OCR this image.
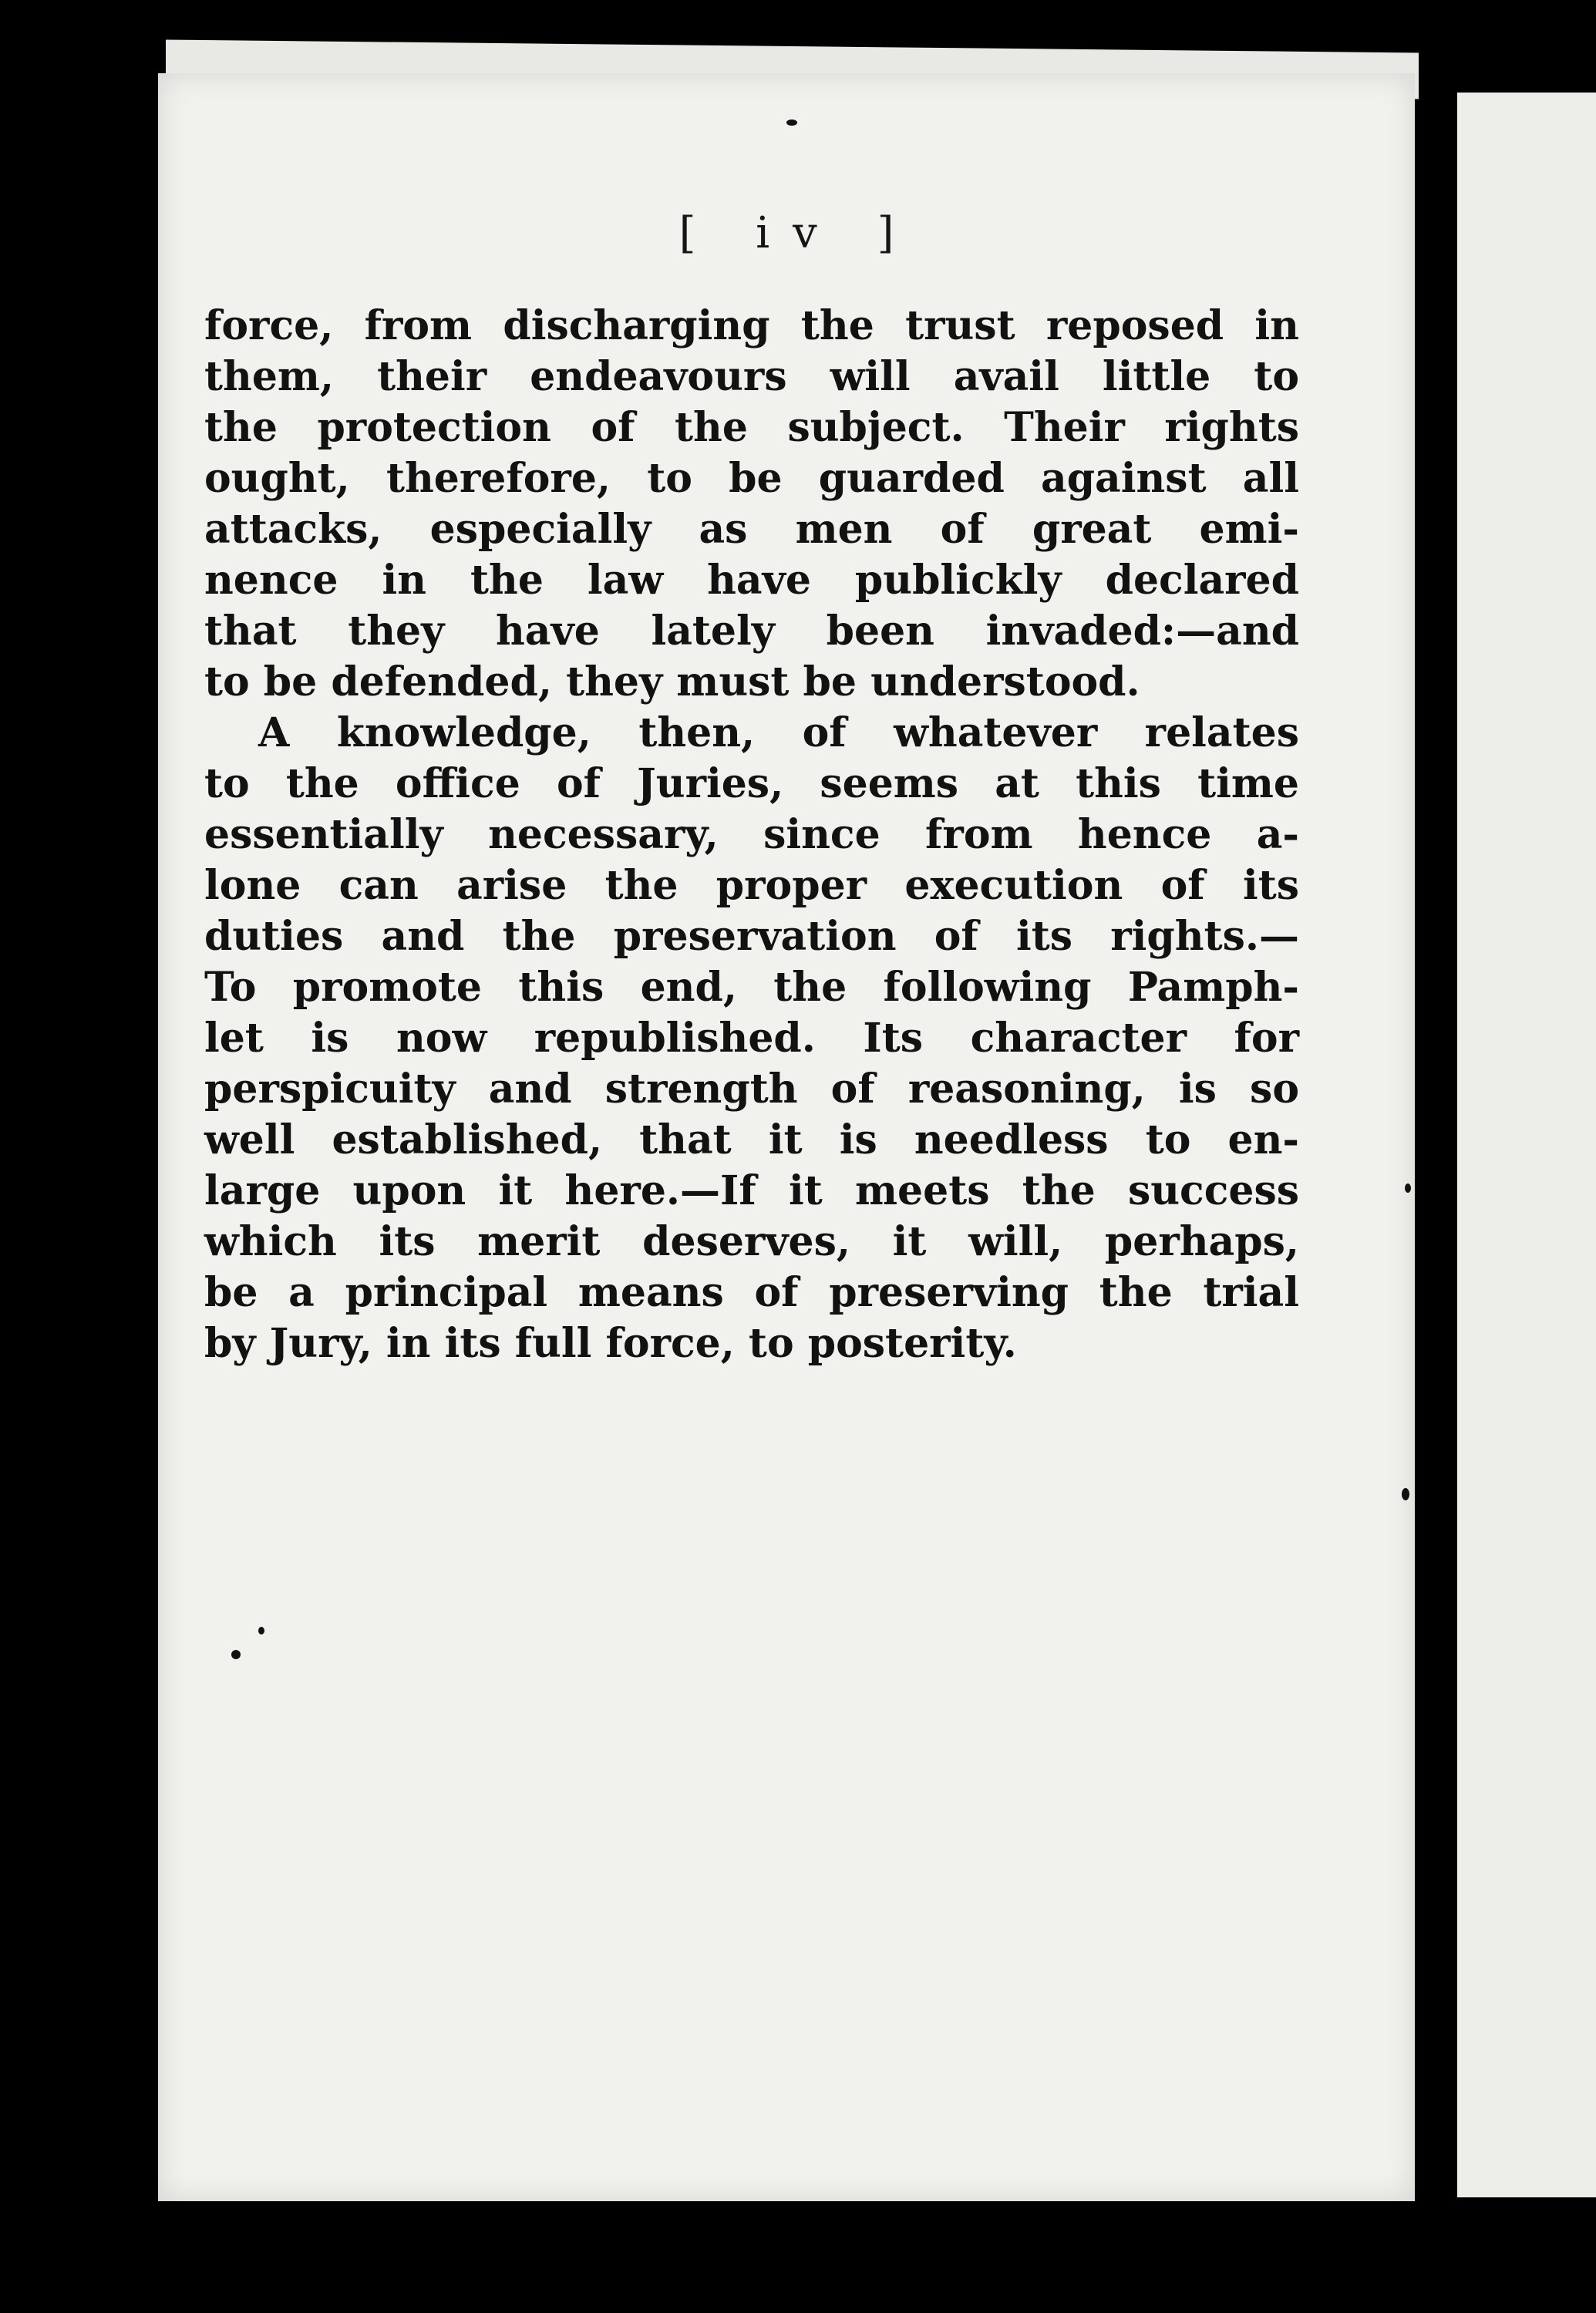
[ iv ]
force, from discharging the trust reposed in
them, their endeavours will avail little to
the protection of the subject. Their rights
ought, therefore, to be guarded against all
attacks, especially as men of great emi-
nence in the law have publickly declared
that they have lately been invaded:—and
to be defended, they must be understood.
A knowledge, then, of whatever relates
to the office of Juries, seems at this time
essentially necessary, since from hence a-
lone can arise the proper execution of its
duties and the preservation of its rights.—
To promote this end, the following Pamph-
let is now republished. Its character for
perspicuity and strength of reasoning, is so
well established, that it is needless to en-
large upon it here.—If it meets the success
which its merit deserves, it will, perhaps,
be a principal means of preserving the trial
by Jury, in its full force, to posterity.
